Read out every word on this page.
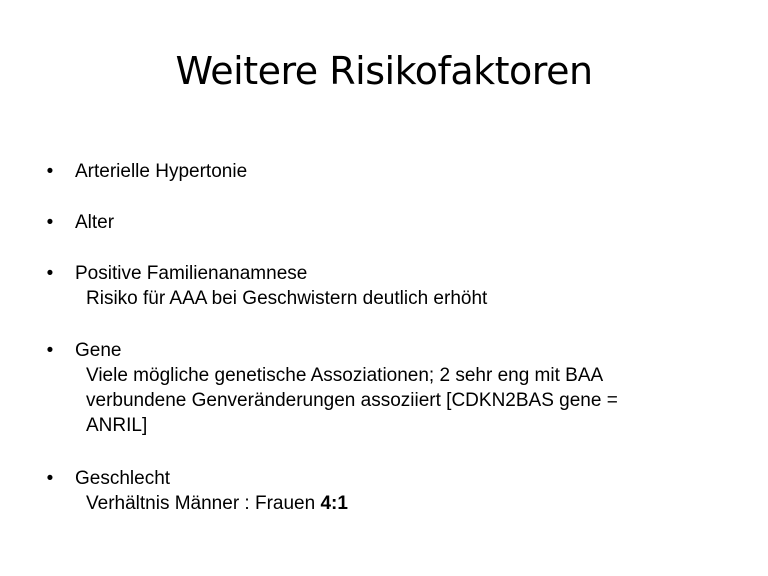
Weitere Risikofaktoren
• Arterielle Hypertonie
• Alter
• Positive Familienanamnese
Risiko für AAA bei Geschwistern deutlich erhöht
• Gene
Viele mögliche genetische Assoziationen; 2 sehr eng mit BAA
verbundene Genveränderungen assoziiert [CDKN2BAS gene =
ANRIL]
• Geschlecht
Verhältnis Männer : Frauen 4:1
